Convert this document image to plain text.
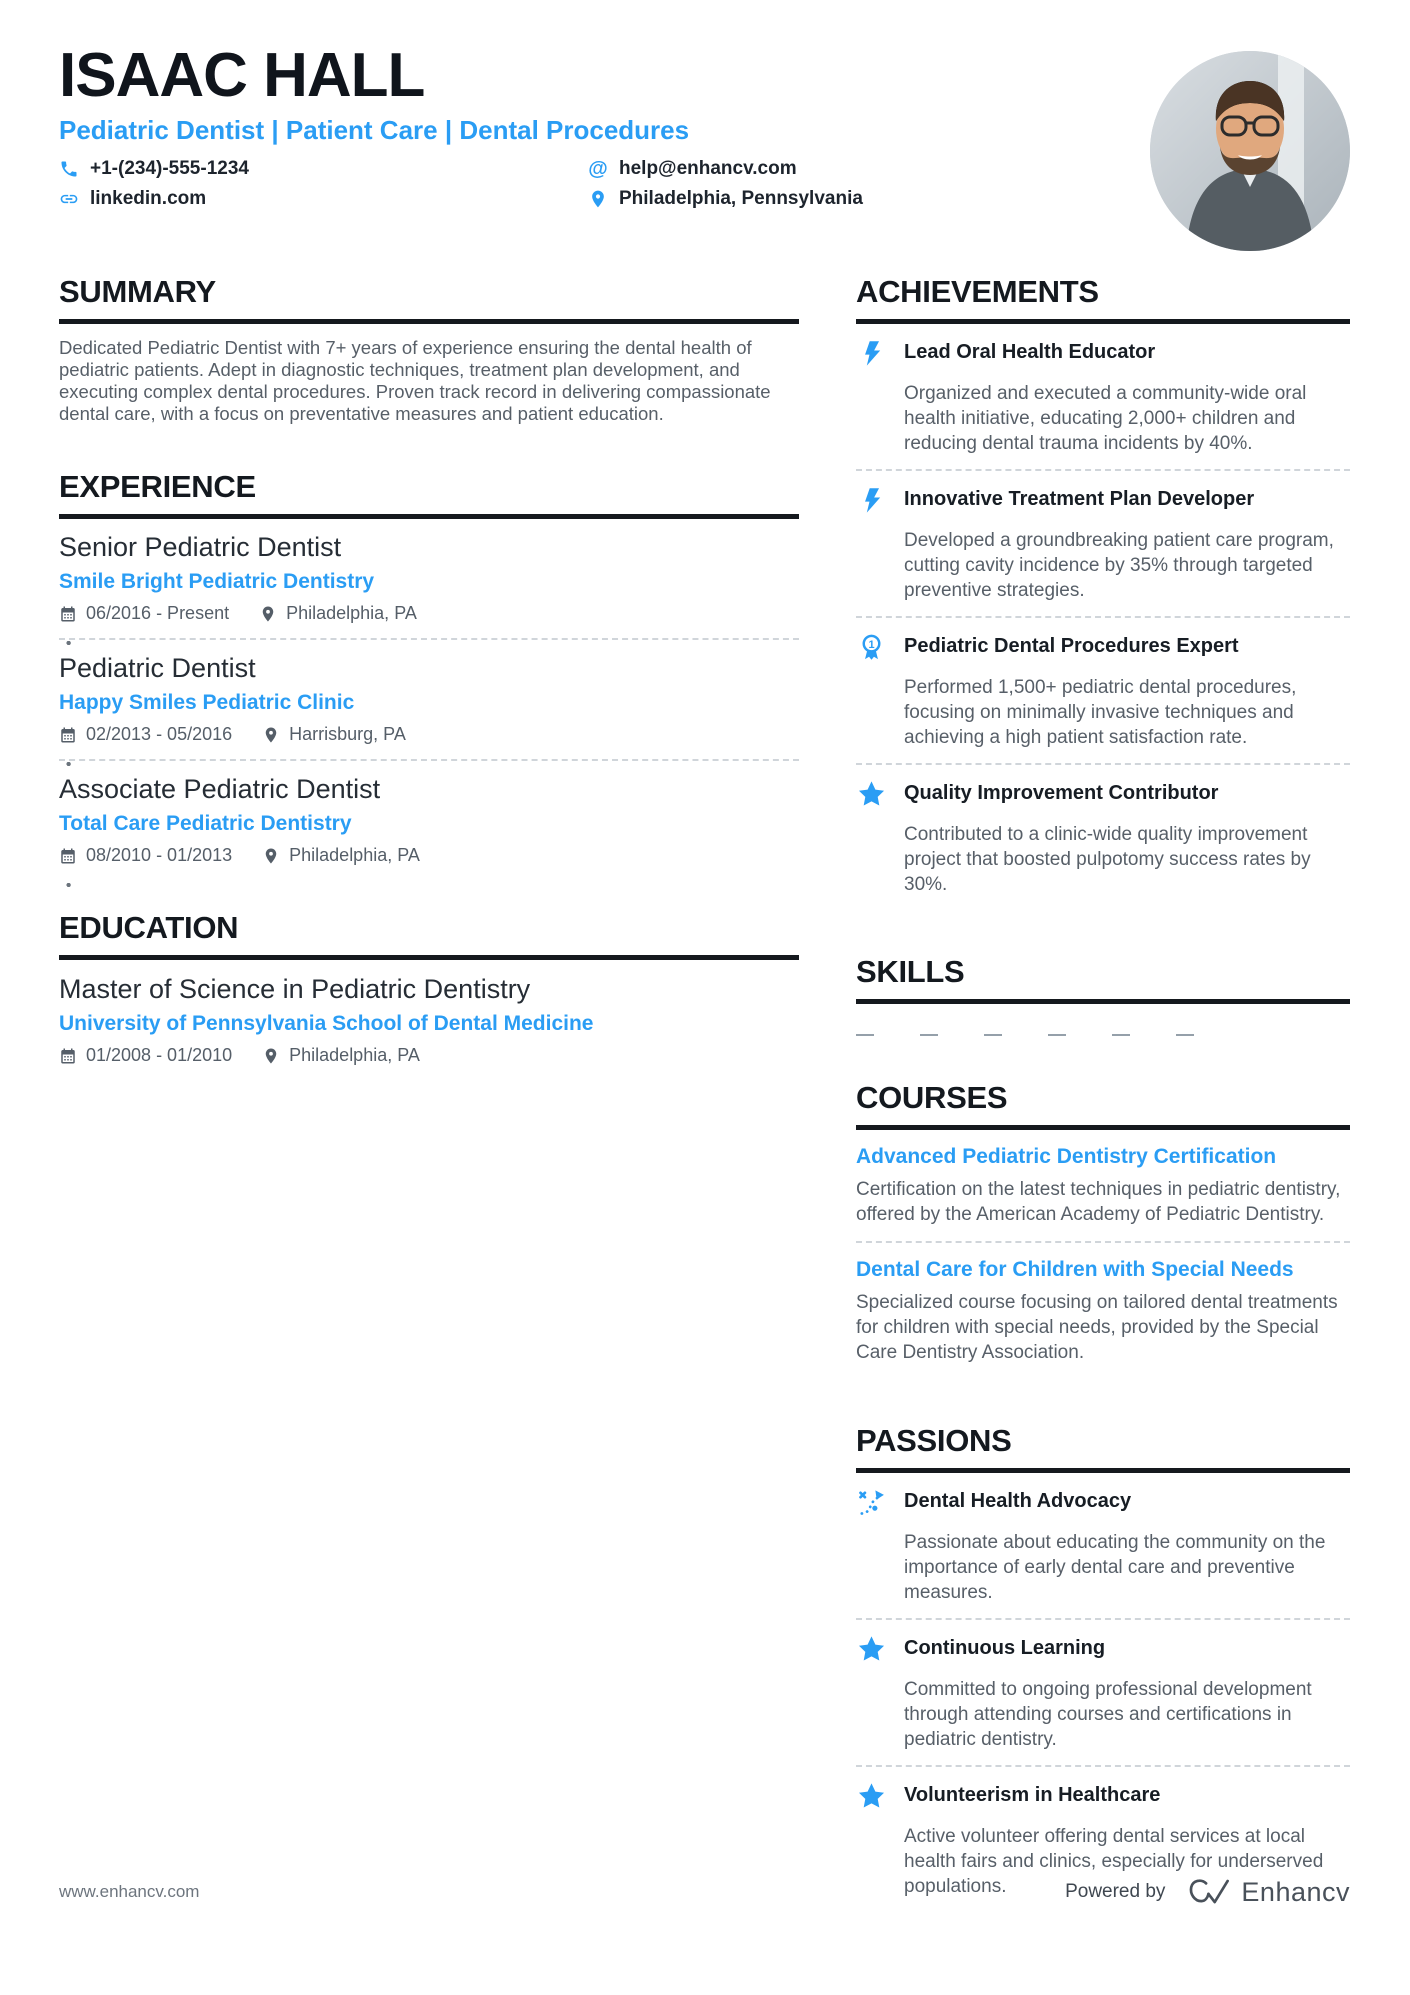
ISAAC HALL
Pediatric Dentist | Patient Care | Dental Procedures
+1-(234)-555-1234	@ help@enhancv.com
linkedin.com	Philadelphia, Pennsylvania
SUMMARY
Dedicated Pediatric Dentist with 7+ years of experience ensuring the dental health of pediatric patients. Adept in diagnostic techniques, treatment plan development, and executing complex dental procedures. Proven track record in delivering compassionate dental care, with a focus on preventative measures and patient education.
EXPERIENCE
Senior Pediatric Dentist
Smile Bright Pediatric Dentistry
06/2016 - Present	Philadelphia, PA
Pediatric Dentist
Happy Smiles Pediatric Clinic
02/2013 - 05/2016	Harrisburg, PA
Associate Pediatric Dentist
Total Care Pediatric Dentistry
08/2010 - 01/2013	Philadelphia, PA
EDUCATION
Master of Science in Pediatric Dentistry
University of Pennsylvania School of Dental Medicine
01/2008 - 01/2010	Philadelphia, PA
ACHIEVEMENTS
Lead Oral Health Educator
Organized and executed a community-wide oral health initiative, educating 2,000+ children and reducing dental trauma incidents by 40%.
Innovative Treatment Plan Developer
Developed a groundbreaking patient care program, cutting cavity incidence by 35% through targeted preventive strategies.
1 Pediatric Dental Procedures Expert
Performed 1,500+ pediatric dental procedures, focusing on minimally invasive techniques and achieving a high patient satisfaction rate.
Quality Improvement Contributor
Contributed to a clinic-wide quality improvement project that boosted pulpotomy success rates by 30%.
SKILLS
COURSES
Advanced Pediatric Dentistry Certification
Certification on the latest techniques in pediatric dentistry, offered by the American Academy of Pediatric Dentistry.
Dental Care for Children with Special Needs
Specialized course focusing on tailored dental treatments for children with special needs, provided by the Special Care Dentistry Association.
PASSIONS
Dental Health Advocacy
Passionate about educating the community on the importance of early dental care and preventive measures.
Continuous Learning
Committed to ongoing professional development through attending courses and certifications in pediatric dentistry.
Volunteerism in Healthcare
Active volunteer offering dental services at local health fairs and clinics, especially for underserved populations.
www.enhancv.com	Powered by	Enhancv
